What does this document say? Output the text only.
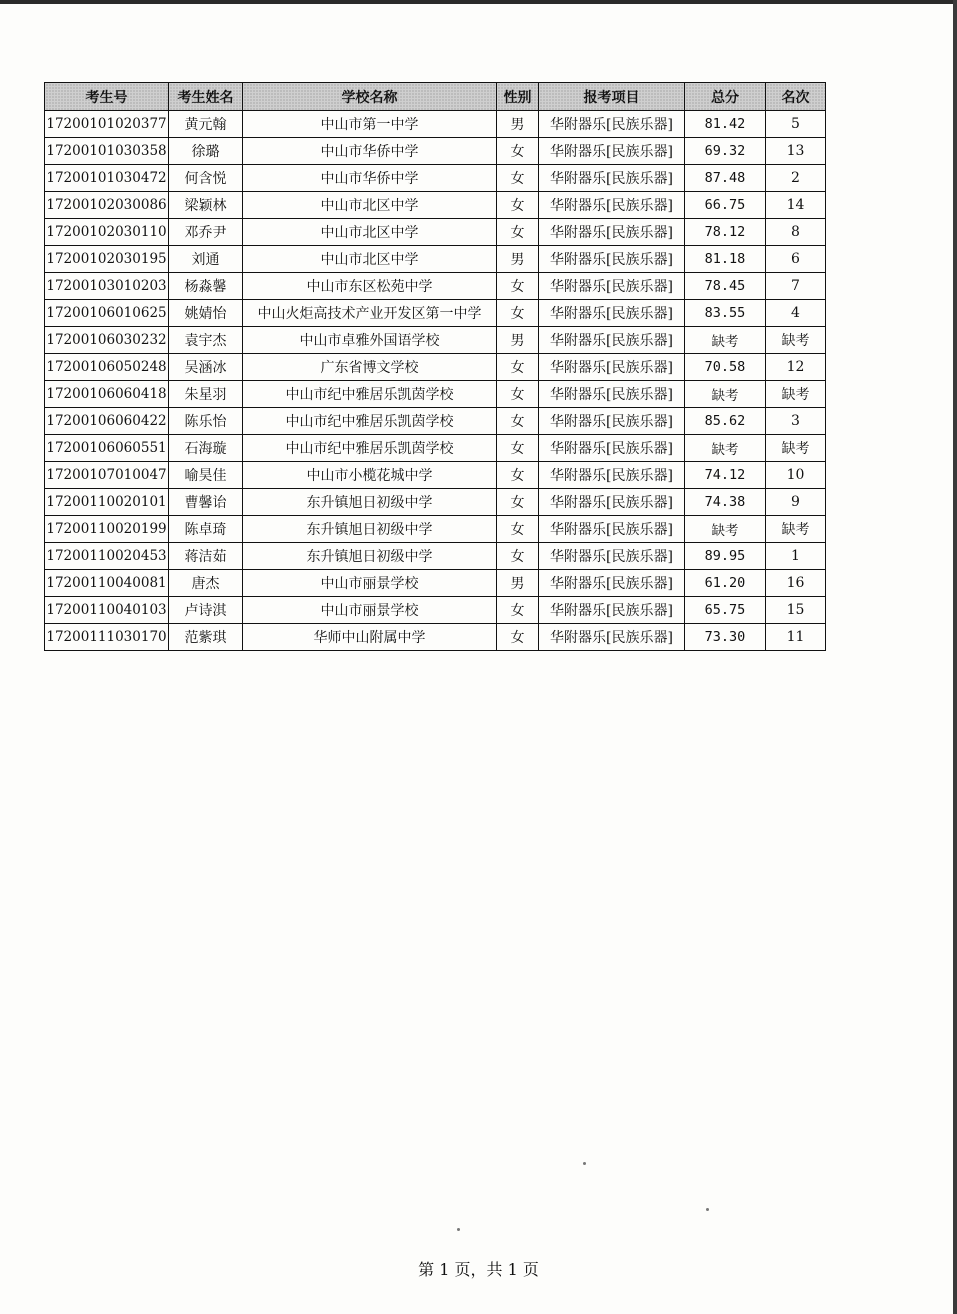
考生号	考生姓名	学校名称	性别	报考项目	总分	名次
17200101020377	黄元翰	中山市第一中学	男	华附器乐[民族乐器]	81.42	5
17200101030358	徐璐	中山市华侨中学	女	华附器乐[民族乐器]	69.32	13
17200101030472	何含悦	中山市华侨中学	女	华附器乐[民族乐器]	87.48	2
17200102030086	梁颖林	中山市北区中学	女	华附器乐[民族乐器]	66.75	14
17200102030110	邓乔尹	中山市北区中学	女	华附器乐[民族乐器]	78.12	8
17200102030195	刘通	中山市北区中学	男	华附器乐[民族乐器]	81.18	6
17200103010203	杨淼馨	中山市东区松苑中学	女	华附器乐[民族乐器]	78.45	7
17200106010625	姚婧怡	中山火炬高技术产业开发区第一中学	女	华附器乐[民族乐器]	83.55	4
17200106030232	袁宇杰	中山市卓雅外国语学校	男	华附器乐[民族乐器]	缺考	缺考
17200106050248	吴涵冰	广东省博文学校	女	华附器乐[民族乐器]	70.58	12
17200106060418	朱星羽	中山市纪中雅居乐凯茵学校	女	华附器乐[民族乐器]	缺考	缺考
17200106060422	陈乐怡	中山市纪中雅居乐凯茵学校	女	华附器乐[民族乐器]	85.62	3
17200106060551	石海璇	中山市纪中雅居乐凯茵学校	女	华附器乐[民族乐器]	缺考	缺考
17200107010047	喻昊佳	中山市小榄花城中学	女	华附器乐[民族乐器]	74.12	10
17200110020101	曹馨诒	东升镇旭日初级中学	女	华附器乐[民族乐器]	74.38	9
17200110020199	陈卓琦	东升镇旭日初级中学	女	华附器乐[民族乐器]	缺考	缺考
17200110020453	蒋洁茹	东升镇旭日初级中学	女	华附器乐[民族乐器]	89.95	1
17200110040081	唐杰	中山市丽景学校	男	华附器乐[民族乐器]	61.20	16
17200110040103	卢诗淇	中山市丽景学校	女	华附器乐[民族乐器]	65.75	15
17200111030170	范紫琪	华师中山附属中学	女	华附器乐[民族乐器]	73.30	11
第 1 页，共 1 页
